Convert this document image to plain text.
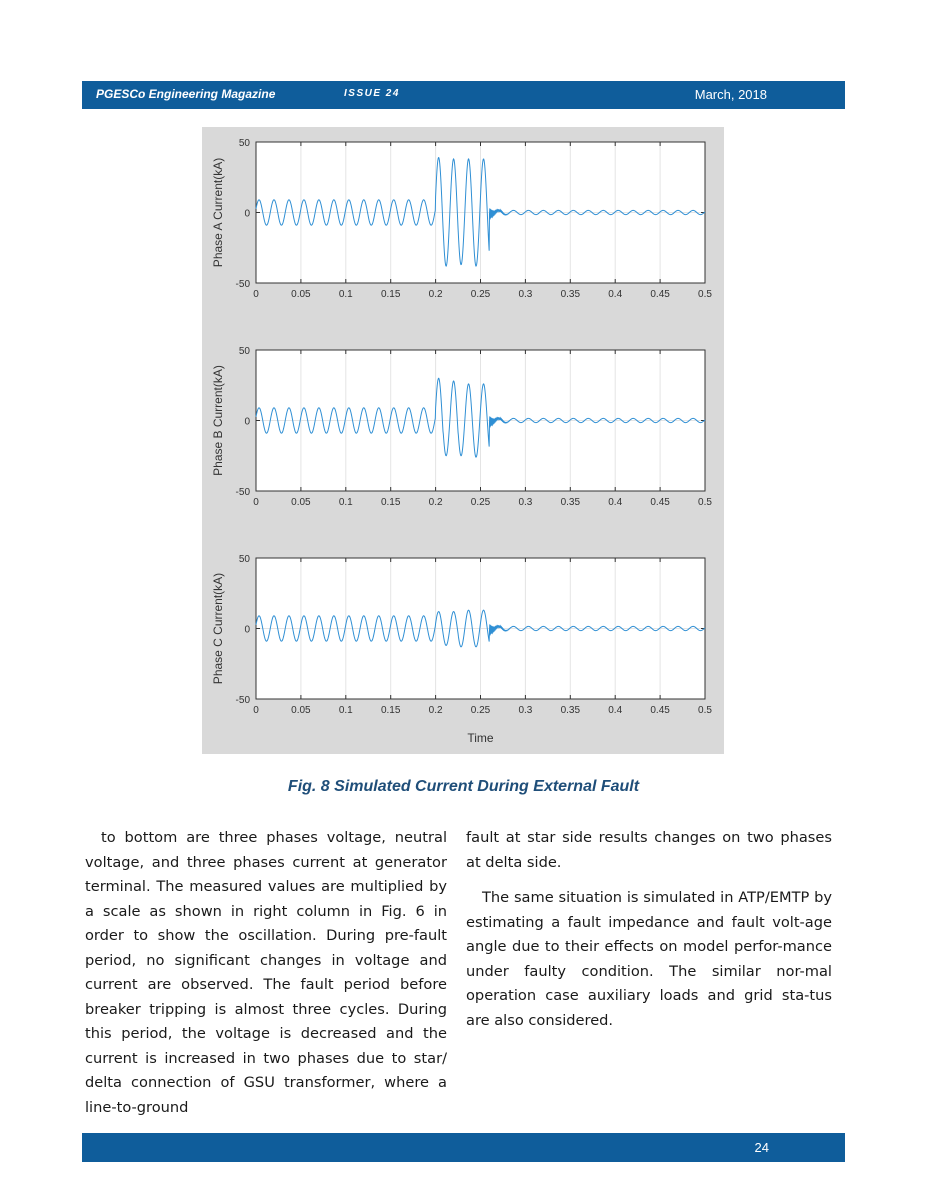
PGESCo Engineering Magazine	ISSUE 24	March, 2018
0	0.05	0.1	0.15	0.2	0.25	0.3	0.35	0.4	0.45	0.5
50
0
-50
Phase A Current(kA)
0	0.05	0.1	0.15	0.2	0.25	0.3	0.35	0.4	0.45	0.5
50
0
-50
Phase B Current(kA)
0	0.05	0.1	0.15	0.2	0.25	0.3	0.35	0.4	0.45	0.5
50
0
-50
Phase C Current(kA)
Time
Fig. 8 Simulated Current During External Fault

to bottom are three phases voltage, neutral voltage, and three phases current at generator terminal. The measured values are multiplied by a scale as shown in right column in Fig. 6 in order to show the oscillation. During pre-fault period, no significant changes in voltage and current are observed. The fault period before breaker tripping is almost three cycles. During this period, the voltage is decreased and the current is increased in two phases due to star/ delta connection of GSU transformer, where a line-to-ground

fault at star side results changes on two phases at delta side.

The same situation is simulated in ATP/EMTP by estimating a fault impedance and fault volt-age angle due to their effects on model perfor-mance under faulty condition. The similar nor-mal operation case auxiliary loads and grid sta-tus are also considered.

24
